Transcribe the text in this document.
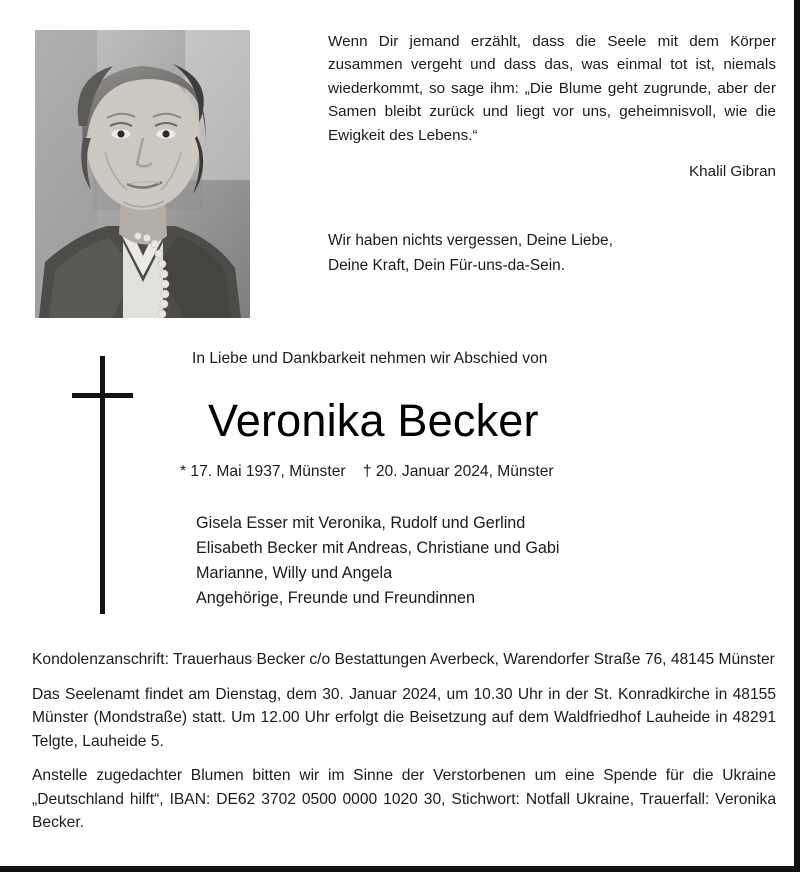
Wenn Dir jemand erzählt, dass die Seele mit dem Körper zusammen vergeht und dass das, was einmal tot ist, niemals wiederkommt, so sage ihm: „Die Blume geht zugrunde, aber der Samen bleibt zurück und liegt vor uns, geheimnisvoll, wie die Ewigkeit des Lebens.“

Khalil Gibran

Wir haben nichts vergessen, Deine Liebe,

Deine Kraft, Dein Für-uns-da-Sein.

In Liebe und Dankbarkeit nehmen wir Abschied von

Veronika Becker

* 17. Mai 1937, Münster    † 20. Januar 2024, Münster

Gisela Esser mit Veronika, Rudolf und Gerlind
Elisabeth Becker mit Andreas, Christiane und Gabi
Marianne, Willy und Angela
Angehörige, Freunde und Freundinnen

Kondolenzanschrift: Trauerhaus Becker c/o Bestattungen Averbeck, Warendorfer Straße 76, 48145 Münster

Das Seelenamt findet am Dienstag, dem 30. Januar 2024, um 10.30 Uhr in der St. Konradkirche in 48155 Münster (Mondstraße) statt. Um 12.00 Uhr erfolgt die Beisetzung auf dem Waldfriedhof Lauheide in 48291 Telgte, Lauheide 5.

Anstelle zugedachter Blumen bitten wir im Sinne der Verstorbenen um eine Spende für die Ukraine „Deutschland hilft“, IBAN: DE62 3702 0500 0000 1020 30, Stichwort: Notfall Ukraine, Trauerfall: Veronika Becker.
